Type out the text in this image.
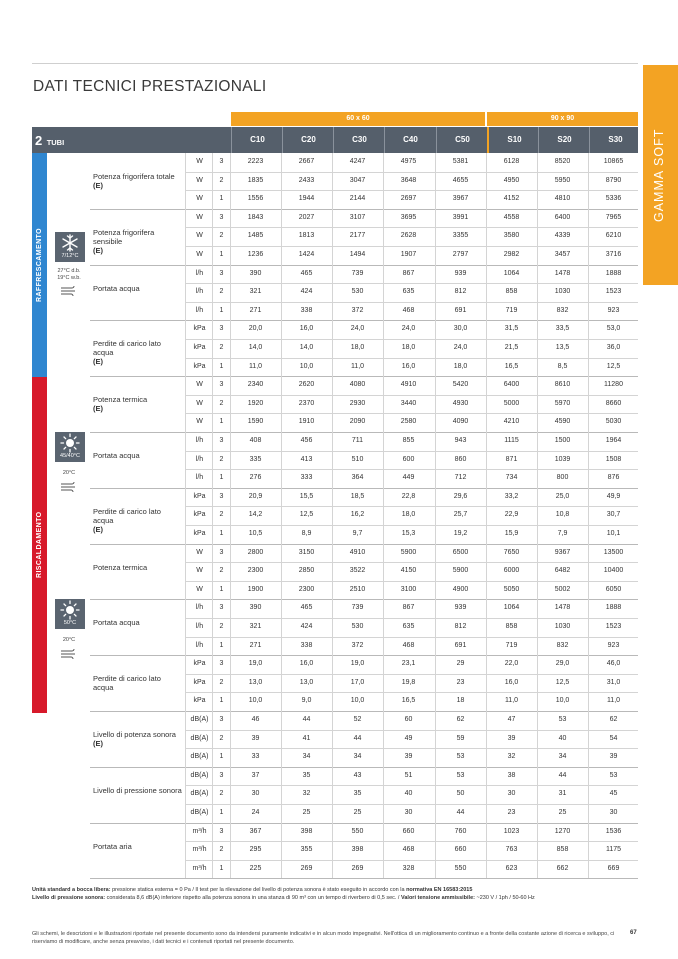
DATI TECNICI PRESTAZIONALI
GAMMA SOFT
60 x 60	90 x 90
2 TUBI	C10	C20	C30	C40	C50	S10	S20	S30
RAFFRESCAMENTO
RISCALDAMENTO
7/12°C
27°C d.b. 19°C w.b.
45/40°C
20°C
50°C
20°C
Potenza frigorifera totale
(E)
W	3	2223	2667	4247	4975	5381	6128	8520	10865
W	2	1835	2433	3047	3648	4655	4950	5950	8790
W	1	1556	1944	2144	2697	3967	4152	4810	5336
Potenza frigorifera sensibile
(E)
W	3	1843	2027	3107	3695	3991	4558	6400	7965
W	2	1485	1813	2177	2628	3355	3580	4339	6210
W	1	1236	1424	1494	1907	2797	2982	3457	3716
Portata acqua
l/h	3	390	465	739	867	939	1064	1478	1888
l/h	2	321	424	530	635	812	858	1030	1523
l/h	1	271	338	372	468	691	719	832	923
Perdite di carico lato acqua
(E)
kPa	3	20,0	16,0	24,0	24,0	30,0	31,5	33,5	53,0
kPa	2	14,0	14,0	18,0	18,0	24,0	21,5	13,5	36,0
kPa	1	11,0	10,0	11,0	16,0	18,0	16,5	8,5	12,5
Potenza termica
(E)
W	3	2340	2620	4080	4910	5420	6400	8610	11280
W	2	1920	2370	2930	3440	4930	5000	5970	8660
W	1	1590	1910	2090	2580	4090	4210	4590	5030
Portata acqua
l/h	3	408	456	711	855	943	1115	1500	1964
l/h	2	335	413	510	600	860	871	1039	1508
l/h	1	276	333	364	449	712	734	800	876
Perdite di carico lato acqua
(E)
kPa	3	20,9	15,5	18,5	22,8	29,6	33,2	25,0	49,9
kPa	2	14,2	12,5	16,2	18,0	25,7	22,9	10,8	30,7
kPa	1	10,5	8,9	9,7	15,3	19,2	15,9	7,9	10,1
Potenza termica
W	3	2800	3150	4910	5900	6500	7650	9367	13500
W	2	2300	2850	3522	4150	5900	6000	6482	10400
W	1	1900	2300	2510	3100	4900	5050	5002	6050
Portata acqua
l/h	3	390	465	739	867	939	1064	1478	1888
l/h	2	321	424	530	635	812	858	1030	1523
l/h	1	271	338	372	468	691	719	832	923
Perdite di carico lato acqua
kPa	3	19,0	16,0	19,0	23,1	29	22,0	29,0	46,0
kPa	2	13,0	13,0	17,0	19,8	23	16,0	12,5	31,0
kPa	1	10,0	9,0	10,0	16,5	18	11,0	10,0	11,0
Livello di potenza sonora
(E)
dB(A)	3	46	44	52	60	62	47	53	62
dB(A)	2	39	41	44	49	59	39	40	54
dB(A)	1	33	34	34	39	53	32	34	39
Livello di pressione sonora
dB(A)	3	37	35	43	51	53	38	44	53
dB(A)	2	30	32	35	40	50	30	31	45
dB(A)	1	24	25	25	30	44	23	25	30
Portata aria
m³/h	3	367	398	550	660	760	1023	1270	1536
m³/h	2	295	355	398	468	660	763	858	1175
m³/h	1	225	269	269	328	550	623	662	669
Unità standard a bocca libera: pressione statica esterna = 0 Pa / Il test per la rilevazione del livello di potenza sonora è stato eseguito in accordo con la normativa EN 16583:2015
Livello di pressione sonora: considerata 8,6 dB(A) inferiore rispetto alla potenza sonora in una stanza di 90 m³ con un tempo di riverbero di 0,5 sec. / Valori tensione ammissibile: ~230 V / 1ph / 50-60 Hz
Gli schemi, le descrizioni e le illustrazioni riportate nel presente documento sono da intendersi puramente indicativi e in alcun modo impegnativi. Nell'ottica di un miglioramento continuo e a fronte della costante azione di ricerca e sviluppo, ci riserviamo di modificare, anche senza preavviso, i dati tecnici e i contenuti riportati nel presente documento.
67
